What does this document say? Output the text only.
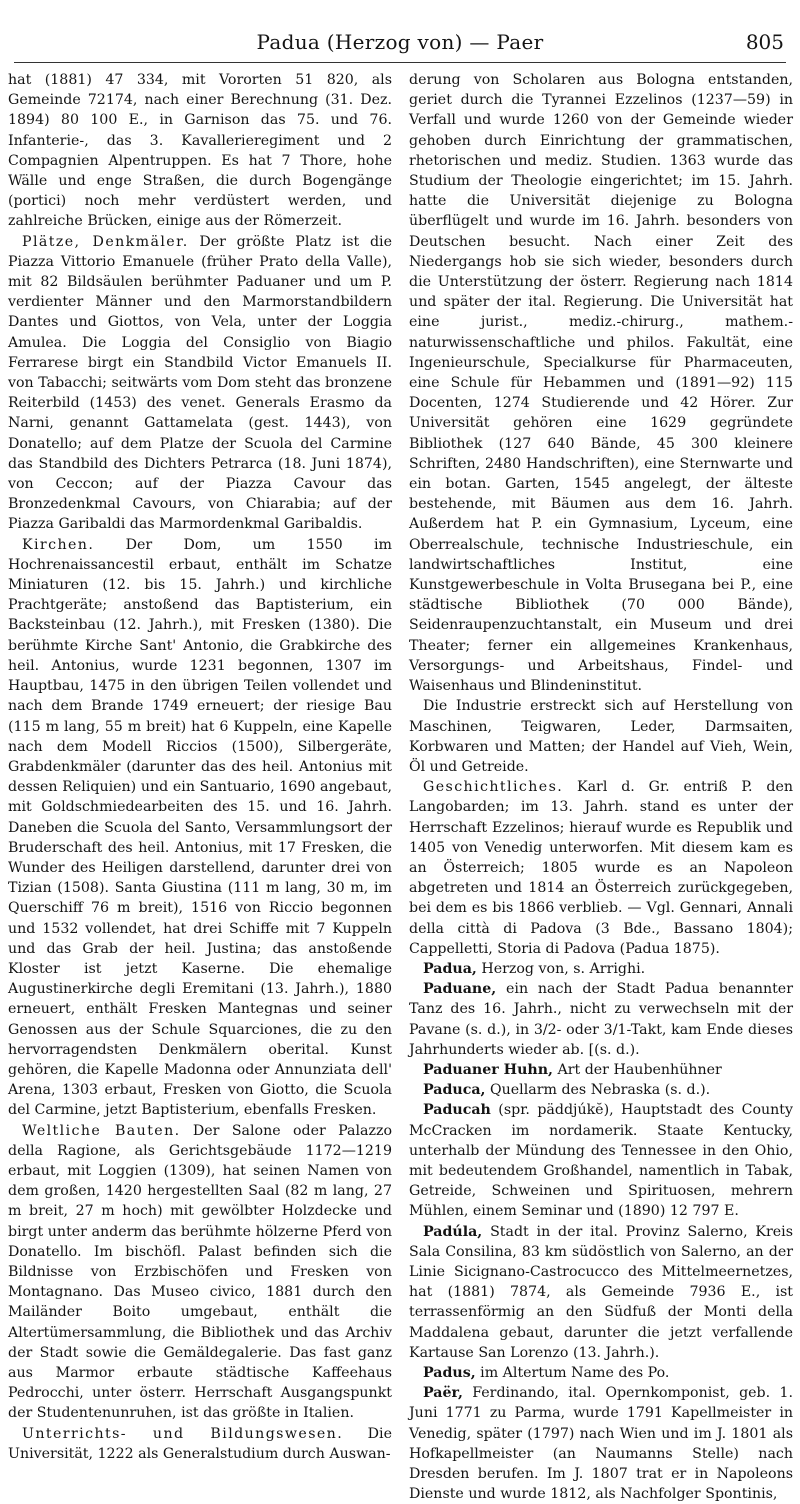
Padua (Herzog von) — Paer	805

hat (1881) 47 334, mit Vororten 51 820, als Gemeinde 72174, nach einer Berechnung (31. Dez. 1894) 80 100 E., in Garnison das 75. und 76. Infanterie-, das 3. Kavallerieregiment und 2 Compagnien Alpentruppen. Es hat 7 Thore, hohe Wälle und enge Straßen, die durch Bogengänge (portici) noch mehr verdüstert werden, und zahlreiche Brücken, einige aus der Römerzeit.

Plätze, Denkmäler. Der größte Platz ist die Piazza Vittorio Emanuele (früher Prato della Valle), mit 82 Bildsäulen berühmter Paduaner und um P. verdienter Männer und den Marmorstandbildern Dantes und Giottos, von Vela, unter der Loggia Amulea. Die Loggia del Consiglio von Biagio Ferrarese birgt ein Standbild Victor Emanuels II. von Tabacchi; seitwärts vom Dom steht das bronzene Reiterbild (1453) des venet. Generals Erasmo da Narni, genannt Gattamelata (gest. 1443), von Donatello; auf dem Platze der Scuola del Carmine das Standbild des Dichters Petrarca (18. Juni 1874), von Ceccon; auf der Piazza Cavour das Bronzedenkmal Cavours, von Chiarabia; auf der Piazza Garibaldi das Marmordenkmal Garibaldis.

Kirchen. Der Dom, um 1550 im Hochrenaissancestil erbaut, enthält im Schatze Miniaturen (12. bis 15. Jahrh.) und kirchliche Prachtgeräte; anstoßend das Baptisterium, ein Backsteinbau (12. Jahrh.), mit Fresken (1380). Die berühmte Kirche Sant' Antonio, die Grabkirche des heil. Antonius, wurde 1231 begonnen, 1307 im Hauptbau, 1475 in den übrigen Teilen vollendet und nach dem Brande 1749 erneuert; der riesige Bau (115 m lang, 55 m breit) hat 6 Kuppeln, eine Kapelle nach dem Modell Riccios (1500), Silbergeräte, Grabdenkmäler (darunter das des heil. Antonius mit dessen Reliquien) und ein Santuario, 1690 angebaut, mit Goldschmiedearbeiten des 15. und 16. Jahrh. Daneben die Scuola del Santo, Versammlungsort der Bruderschaft des heil. Antonius, mit 17 Fresken, die Wunder des Heiligen darstellend, darunter drei von Tizian (1508). Santa Giustina (111 m lang, 30 m, im Querschiff 76 m breit), 1516 von Riccio begonnen und 1532 vollendet, hat drei Schiffe mit 7 Kuppeln und das Grab der heil. Justina; das anstoßende Kloster ist jetzt Kaserne. Die ehemalige Augustinerkirche degli Eremitani (13. Jahrh.), 1880 erneuert, enthält Fresken Mantegnas und seiner Genossen aus der Schule Squarciones, die zu den hervorragendsten Denkmälern oberital. Kunst gehören, die Kapelle Madonna oder Annunziata dell' Arena, 1303 erbaut, Fresken von Giotto, die Scuola del Carmine, jetzt Baptisterium, ebenfalls Fresken.

Weltliche Bauten. Der Salone oder Palazzo della Ragione, als Gerichtsgebäude 1172—1219 erbaut, mit Loggien (1309), hat seinen Namen von dem großen, 1420 hergestellten Saal (82 m lang, 27 m breit, 27 m hoch) mit gewölbter Holzdecke und birgt unter anderm das berühmte hölzerne Pferd von Donatello. Im bischöfl. Palast befinden sich die Bildnisse von Erzbischöfen und Fresken von Montagnano. Das Museo civico, 1881 durch den Mailänder Boito umgebaut, enthält die Altertümersammlung, die Bibliothek und das Archiv der Stadt sowie die Gemäldegalerie. Das fast ganz aus Marmor erbaute städtische Kaffeehaus Pedrocchi, unter österr. Herrschaft Ausgangspunkt der Studentenunruhen, ist das größte in Italien.

Unterrichts- und Bildungswesen. Die Universität, 1222 als Generalstudium durch Auswan-

derung von Scholaren aus Bologna entstanden, geriet durch die Tyrannei Ezzelinos (1237—59) in Verfall und wurde 1260 von der Gemeinde wieder gehoben durch Einrichtung der grammatischen, rhetorischen und mediz. Studien. 1363 wurde das Studium der Theologie eingerichtet; im 15. Jahrh. hatte die Universität diejenige zu Bologna überflügelt und wurde im 16. Jahrh. besonders von Deutschen besucht. Nach einer Zeit des Niedergangs hob sie sich wieder, besonders durch die Unterstützung der österr. Regierung nach 1814 und später der ital. Regierung. Die Universität hat eine jurist., mediz.-chirurg., mathem.-naturwissenschaftliche und philos. Fakultät, eine Ingenieurschule, Specialkurse für Pharmaceuten, eine Schule für Hebammen und (1891—92) 115 Docenten, 1274 Studierende und 42 Hörer. Zur Universität gehören eine 1629 gegründete Bibliothek (127 640 Bände, 45 300 kleinere Schriften, 2480 Handschriften), eine Sternwarte und ein botan. Garten, 1545 angelegt, der älteste bestehende, mit Bäumen aus dem 16. Jahrh. Außerdem hat P. ein Gymnasium, Lyceum, eine Oberrealschule, technische Industrieschule, ein landwirtschaftliches Institut, eine Kunstgewerbeschule in Volta Brusegana bei P., eine städtische Bibliothek (70 000 Bände), Seidenraupenzuchtanstalt, ein Museum und drei Theater; ferner ein allgemeines Krankenhaus, Versorgungs- und Arbeitshaus, Findel- und Waisenhaus und Blindeninstitut.

Die Industrie erstreckt sich auf Herstellung von Maschinen, Teigwaren, Leder, Darmsaiten, Korbwaren und Matten; der Handel auf Vieh, Wein, Öl und Getreide.

Geschichtliches. Karl d. Gr. entriß P. den Langobarden; im 13. Jahrh. stand es unter der Herrschaft Ezzelinos; hierauf wurde es Republik und 1405 von Venedig unterworfen. Mit diesem kam es an Österreich; 1805 wurde es an Napoleon abgetreten und 1814 an Österreich zurückgegeben, bei dem es bis 1866 verblieb. — Vgl. Gennari, Annali della città di Padova (3 Bde., Bassano 1804); Cappelletti, Storia di Padova (Padua 1875).

Padua, Herzog von, s. Arrighi.

Paduane, ein nach der Stadt Padua benannter Tanz des 16. Jahrh., nicht zu verwechseln mit der Pavane (s. d.), in 3/2- oder 3/1-Takt, kam Ende dieses Jahrhunderts wieder ab. [(s. d.).

Paduaner Huhn, Art der Haubenhühner

Paduca, Quellarm des Nebraska (s. d.).

Paducah (spr. päddjúkĕ), Hauptstadt des County McCracken im nordamerik. Staate Kentucky, unterhalb der Mündung des Tennessee in den Ohio, mit bedeutendem Großhandel, namentlich in Tabak, Getreide, Schweinen und Spirituosen, mehrern Mühlen, einem Seminar und (1890) 12 797 E.

Padúla, Stadt in der ital. Provinz Salerno, Kreis Sala Consilina, 83 km südöstlich von Salerno, an der Linie Sicignano-Castrocucco des Mittelmeernetzes, hat (1881) 7874, als Gemeinde 7936 E., ist terrassenförmig an den Südfuß der Monti della Maddalena gebaut, darunter die jetzt verfallende Kartause San Lorenzo (13. Jahrh.).

Padus, im Altertum Name des Po.

Paër, Ferdinando, ital. Opernkomponist, geb. 1. Juni 1771 zu Parma, wurde 1791 Kapellmeister in Venedig, später (1797) nach Wien und im J. 1801 als Hofkapellmeister (an Naumanns Stelle) nach Dresden berufen. Im J. 1807 trat er in Napoleons Dienste und wurde 1812, als Nachfolger Spontinis,
